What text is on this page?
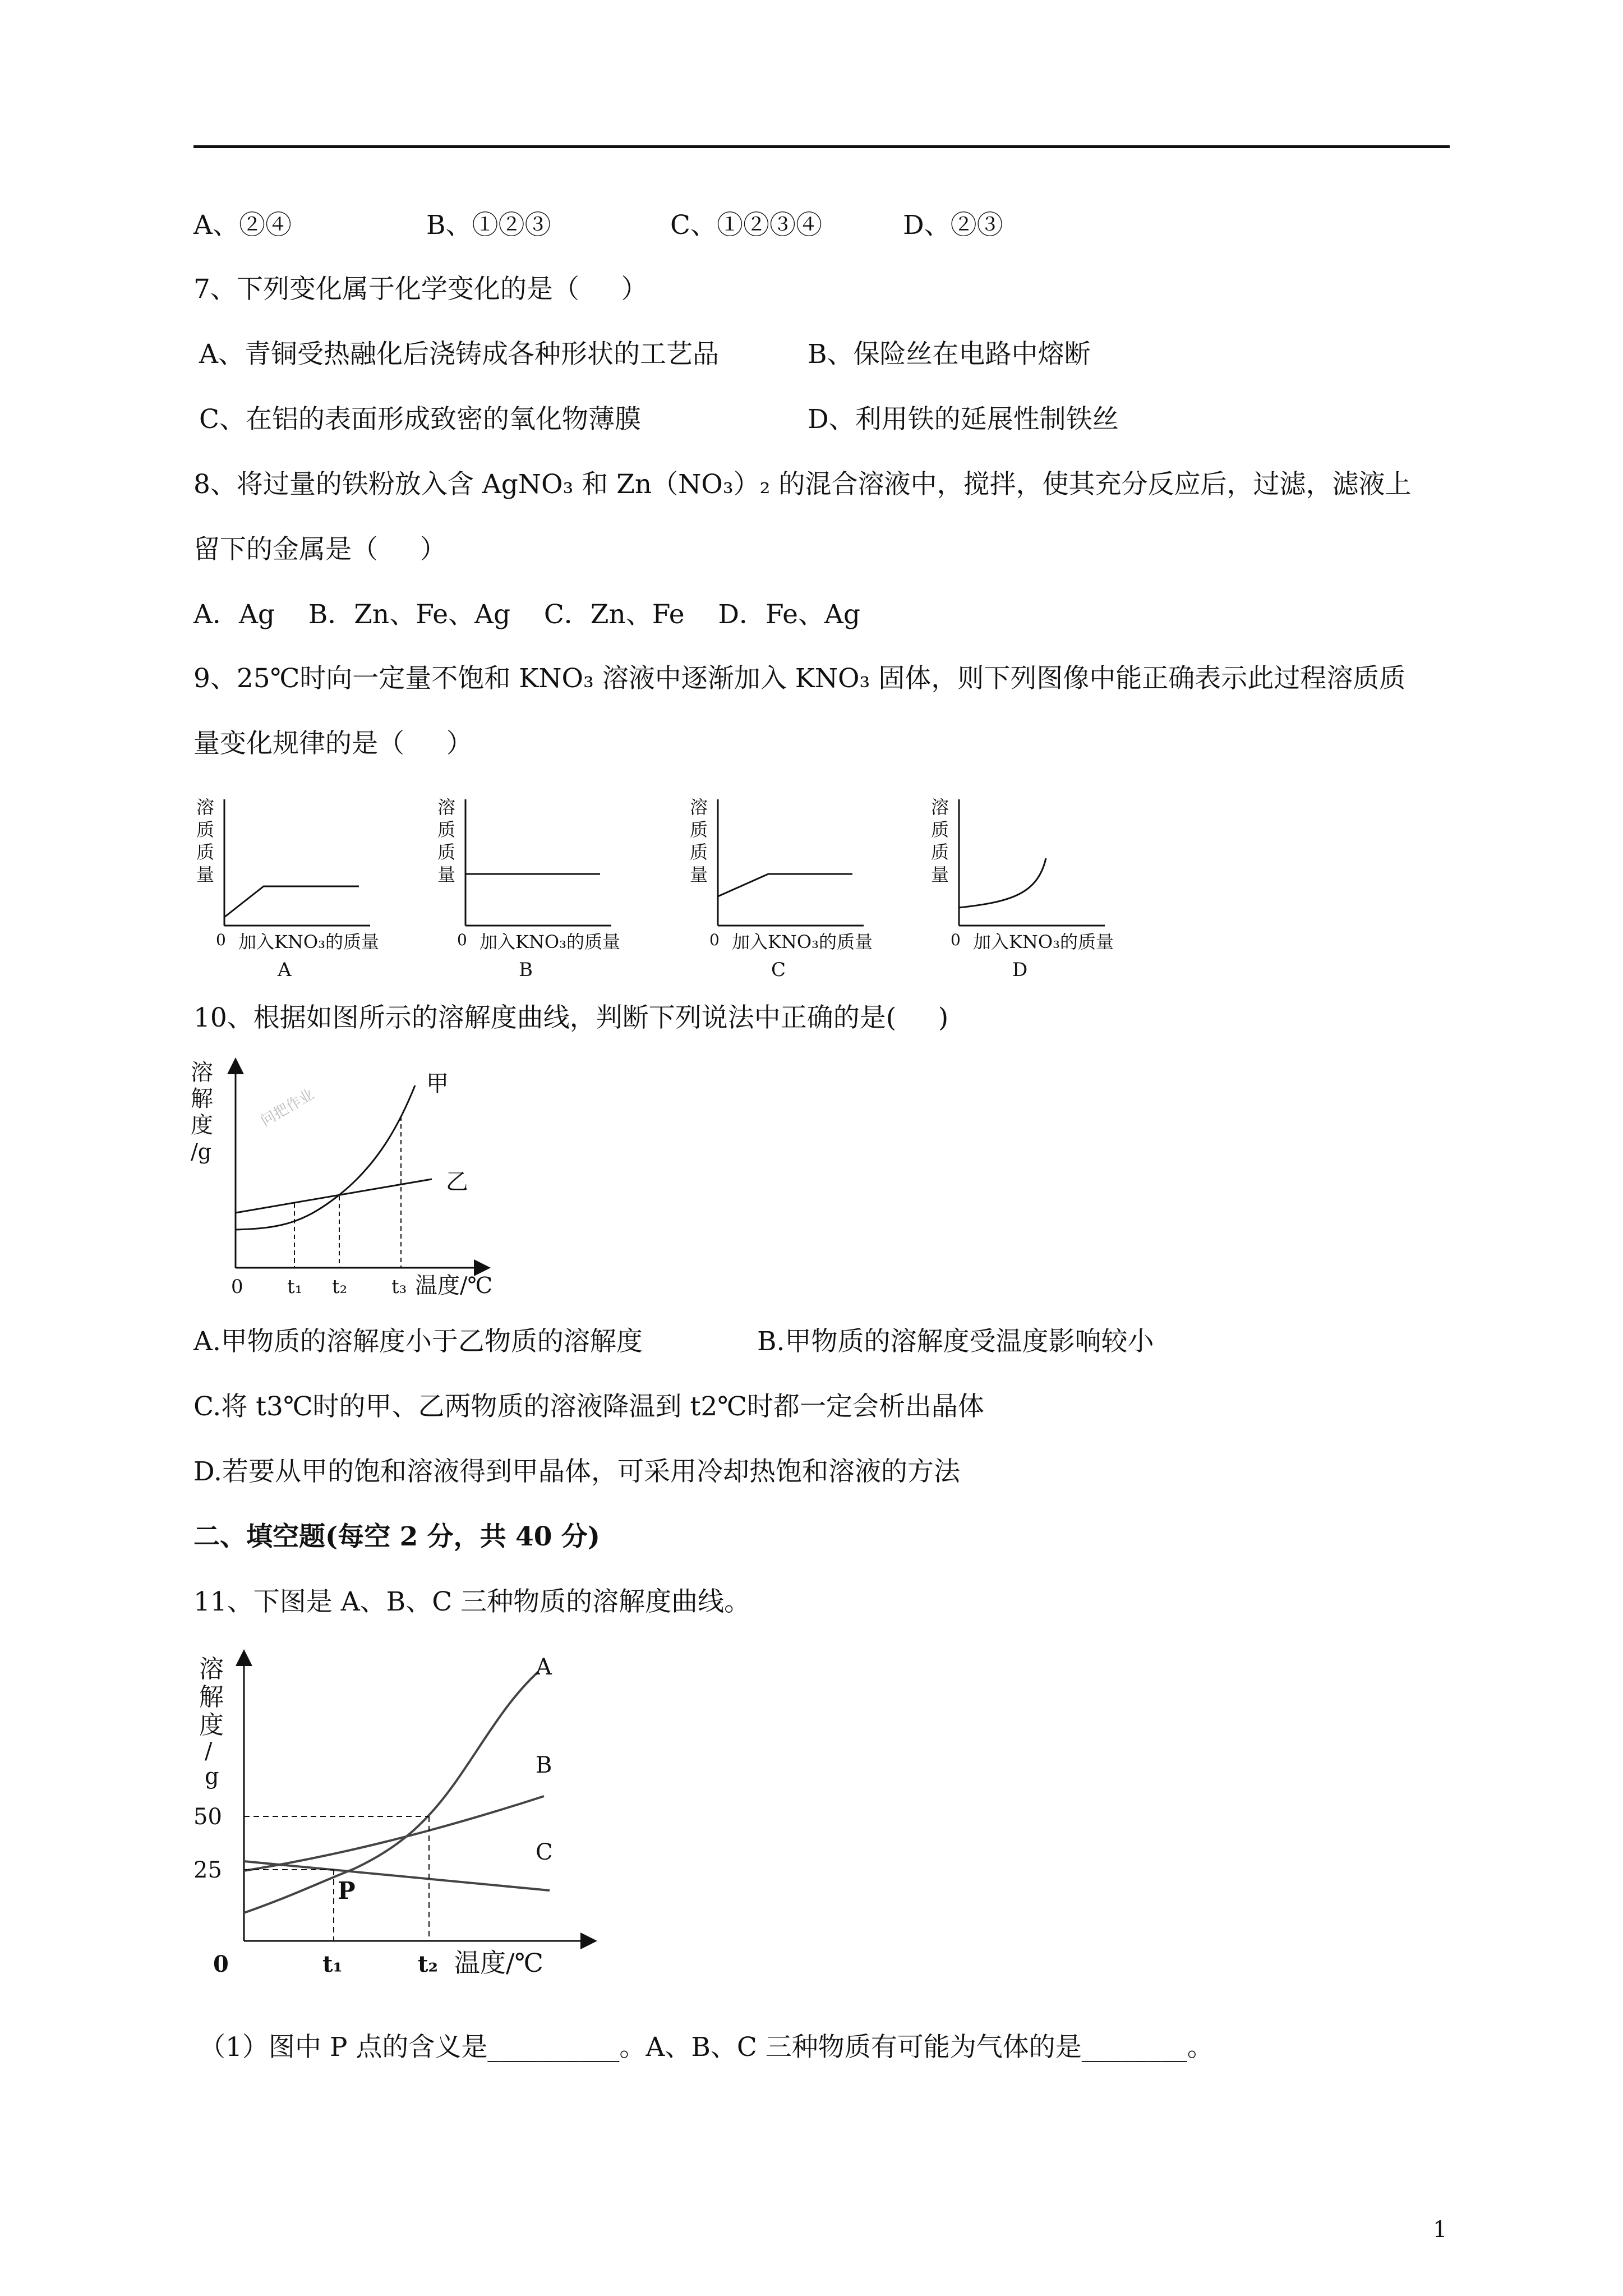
A、②④	B、①②③	C、①②③④	D、②③
7、下列变化属于化学变化的是（     ）
A、青铜受热融化后浇铸成各种形状的工艺品	B、保险丝在电路中熔断
C、在铝的表面形成致密的氧化物薄膜	D、利用铁的延展性制铁丝
8、将过量的铁粉放入含 AgNO₃ 和 Zn（NO₃）₂ 的混合溶液中，搅拌，使其充分反应后，过滤，滤液上
留下的金属是（     ）
A．Ag    B．Zn、Fe、Ag    C．Zn、Fe    D．Fe、Ag
9、25℃时向一定量不饱和 KNO₃ 溶液中逐渐加入 KNO₃ 固体，则下列图像中能正确表示此过程溶质质
量变化规律的是（     ）
溶
质
质
量
0 加入KNO₃的质量
A
溶
质
质
量
0 加入KNO₃的质量
B
溶
质
质
量
0 加入KNO₃的质量
C
溶
质
质
量
0 加入KNO₃的质量
D
10、根据如图所示的溶解度曲线，判断下列说法中正确的是(     )
溶
解
度
/g
问把作业
甲
乙
0 t₁ t₂ t₃ 温度/℃
A.甲物质的溶解度小于乙物质的溶解度	B.甲物质的溶解度受温度影响较小
C.将 t3℃时的甲、乙两物质的溶液降温到 t2℃时都一定会析出晶体
D.若要从甲的饱和溶液得到甲晶体，可采用冷却热饱和溶液的方法
二、填空题(每空 2 分，共 40 分)
11、下图是 A、B、C 三种物质的溶解度曲线。
溶
解
度
/
g
50
25
A
B
C
P
0	t₁	t₂ 温度/℃
（1）图中 P 点的含义是__________。A、B、C 三种物质有可能为气体的是________。
1
